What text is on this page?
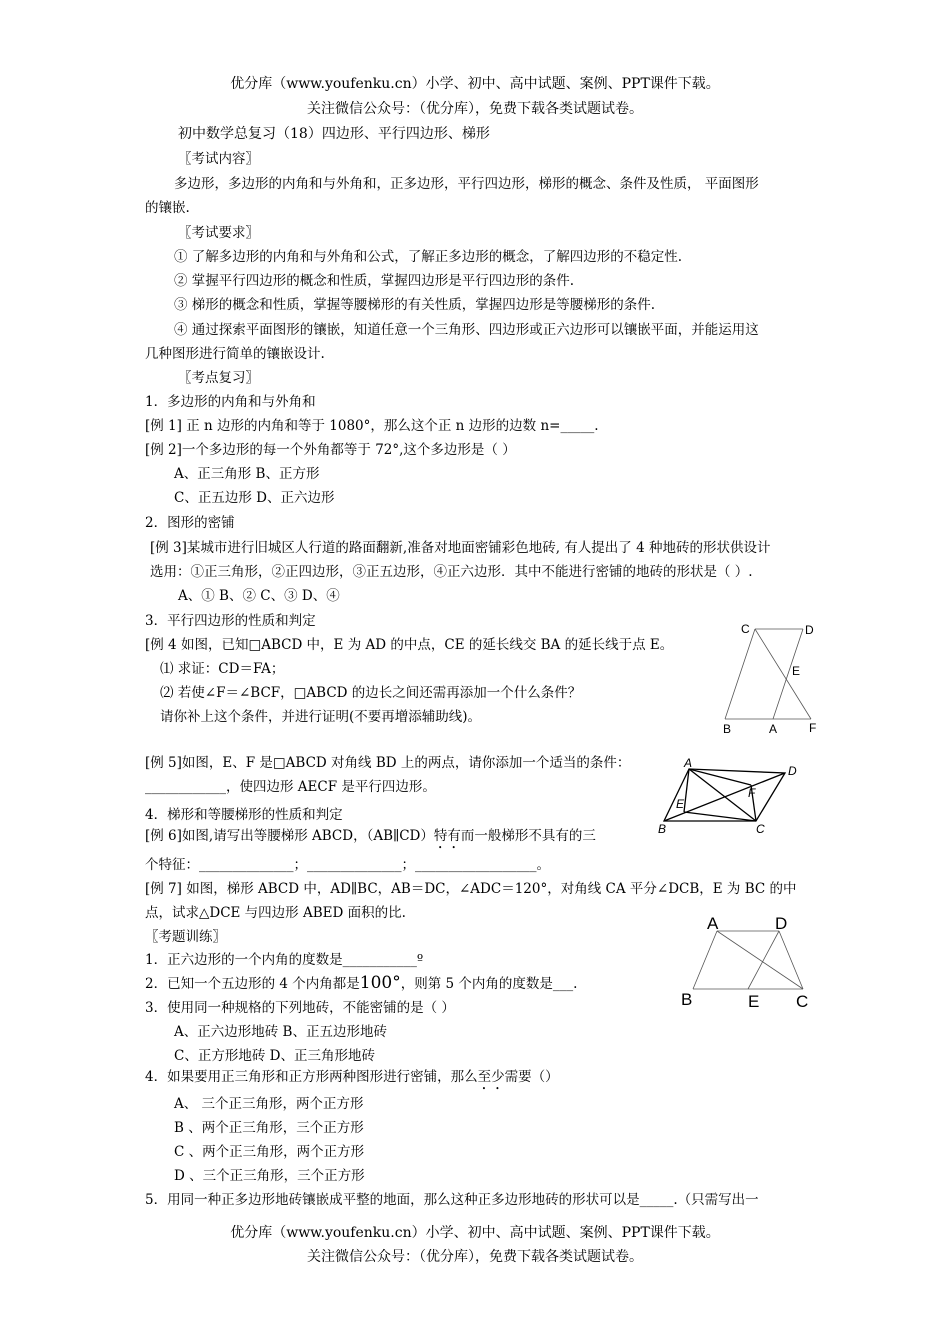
优分库（www.youfenku.cn）小学、初中、高中试题、案例、PPT课件下载。
关注微信公众号：（优分库），免费下载各类试题试卷。
初中数学总复习（18）四边形、平行四边形、梯形
〖考试内容〗
多边形，多边形的内角和与外角和，正多边形，平行四边形，梯形的概念、条件及性质， 平面图形
的镶嵌.
〖考试要求〗
① 了解多边形的内角和与外角和公式，了解正多边形的概念，了解四边形的不稳定性.
② 掌握平行四边形的概念和性质，掌握四边形是平行四边形的条件.
③ 梯形的概念和性质，掌握等腰梯形的有关性质，掌握四边形是等腰梯形的条件.
④ 通过探索平面图形的镶嵌，知道任意一个三角形、四边形或正六边形可以镶嵌平面，并能运用这
几种图形进行简单的镶嵌设计.
〖考点复习〗
1．多边形的内角和与外角和
[例 1] 正 n 边形的内角和等于 1080°，那么这个正 n 边形的边数 n=_____.
[例 2]一个多边形的每一个外角都等于 72°,这个多边形是（ ）
A、正三角形 B、正方形
C、正五边形 D、正六边形
2．图形的密铺
[例 3]某城市进行旧城区人行道的路面翻新,准备对地面密铺彩色地砖, 有人提出了 4 种地砖的形状供设计
选用：①正三角形，②正四边形，③正五边形，④正六边形．其中不能进行密铺的地砖的形状是（ ）.
A、① B、② C、③ D、④
3．平行四边形的性质和判定
[例 4 如图，已知□ABCD 中，E 为 AD 的中点，CE 的延长线交 BA 的延长线于点 E。
⑴ 求证：CD＝FA；
⑵ 若使∠F＝∠BCF，□ABCD 的边长之间还需再添加一个什么条件？
请你补上这个条件，并进行证明(不要再增添辅助线)。
[例 5]如图，E、F 是□ABCD 对角线 BD 上的两点，请你添加一个适当的条件：
____________，使四边形 AECF 是平行四边形。
4．梯形和等腰梯形的性质和判定
[例 6]如图,请写出等腰梯形 ABCD，（AB∥CD）特有而一般梯形不具有的三
个特征：______________；______________；__________________。
[例 7] 如图，梯形 ABCD 中，AD∥BC，AB＝DC，∠ADC＝120°，对角线 CA 平分∠DCB，E 为 BC 的中
点，试求△DCE 与四边形 ABED 面积的比.
〖考题训练〗
1．正六边形的一个内角的度数是___________º
2．已知一个五边形的 4 个内角都是100°，则第 5 个内角的度数是___.
3．使用同一种规格的下列地砖，不能密铺的是（ ）
A、正六边形地砖 B、正五边形地砖
C、正方形地砖 D、正三角形地砖
4．如果要用正三角形和正方形两种图形进行密铺，那么至少需要（）
A、 三个正三角形，两个正方形
B 、两个正三角形，三个正方形
C 、两个正三角形，两个正方形
D 、三个正三角形，三个正方形
5．用同一种正多边形地砖镶嵌成平整的地面，那么这种正多边形地砖的形状可以是_____.（只需写出一
优分库（www.youfenku.cn）小学、初中、高中试题、案例、PPT课件下载。
关注微信公众号：（优分库），免费下载各类试题试卷。
C	D
E
B	A	F
A
D
E
F
B	C
A	D
B	E C
